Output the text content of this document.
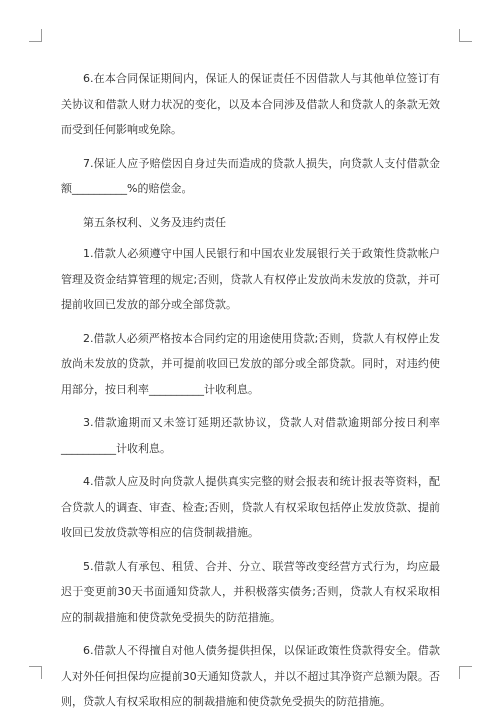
6.在本合同保证期间内，保证人的保证责任不因借款人与其他单位签订有关协议和借款人财力状况的变化，以及本合同涉及借款人和贷款人的条款无效而受到任何影响或免除。

7.保证人应予赔偿因自身过失而造成的贷款人损失，向贷款人支付借款金额__________%的赔偿金。

第五条权利、义务及违约责任

1.借款人必须遵守中国人民银行和中国农业发展银行关于政策性贷款帐户管理及资金结算管理的规定;否则，贷款人有权停止发放尚未发放的贷款，并可提前收回已发放的部分或全部贷款。

2.借款人必须严格按本合同约定的用途使用贷款;否则，贷款人有权停止发放尚未发放的贷款，并可提前收回已发放的部分或全部贷款。同时，对违约使用部分，按日利率__________计收利息。

3.借款逾期而又未签订延期还款协议，贷款人对借款逾期部分按日利率__________计收利息。

4.借款人应及时向贷款人提供真实完整的财会报表和统计报表等资料，配合贷款人的调查、审查、检查;否则，贷款人有权采取包括停止发放贷款、提前收回已发放贷款等相应的信贷制裁措施。

5.借款人有承包、租赁、合并、分立、联营等改变经营方式行为，均应最迟于变更前30天书面通知贷款人，并积极落实债务;否则，贷款人有权采取相应的制裁措施和使贷款免受损失的防范措施。

6.借款人不得擅自对他人债务提供担保，以保证政策性贷款得安全。借款人对外任何担保均应提前30天通知贷款人，并以不超过其净资产总额为限。否则，贷款人有权采取相应的制裁措施和使贷款免受损失的防范措施。
